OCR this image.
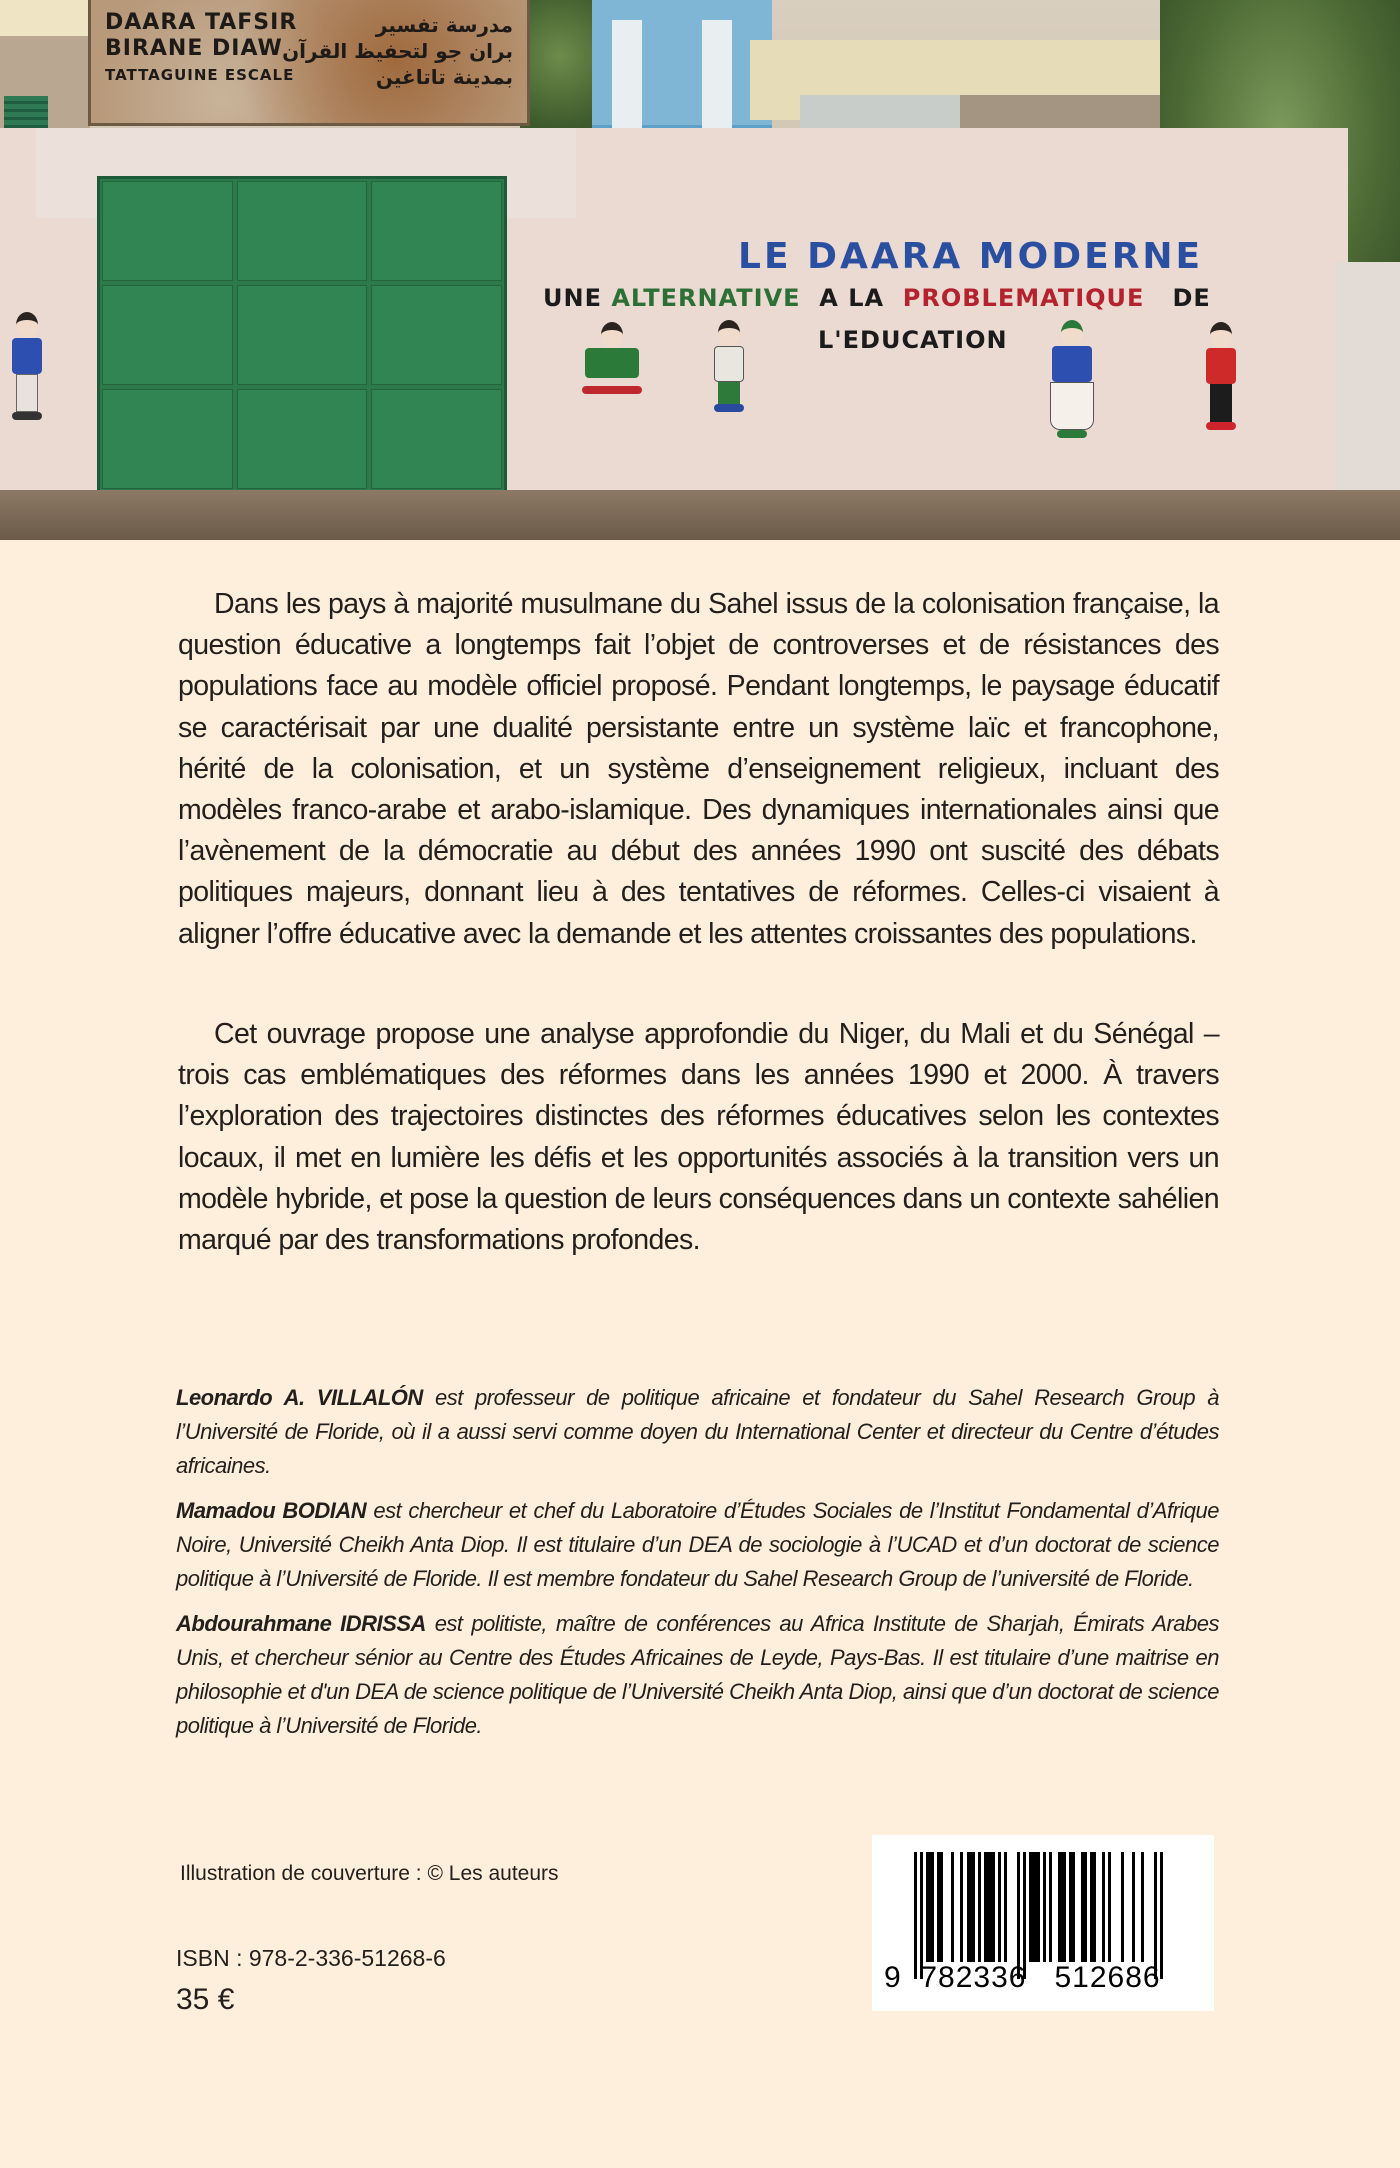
DAARA TAFSIR
BIRANE DIAW
TATTAGUINE ESCALE
مدرسة تفسير
بران جو لتحفيظ القرآن
بمدينة تاتاغين
LE DAARA MODERNE
UNE ALTERNATIVE A LA PROBLEMATIQUE DE
L'EDUCATION

Dans les pays à majorité musulmane du Sahel issus de la colonisation française, la question éducative a longtemps fait l’objet de controverses et de résistances des populations face au modèle officiel proposé. Pendant longtemps, le paysage éducatif se caractérisait par une dualité persistante entre un système laïc et francophone, hérité de la colonisation, et un système d’enseignement religieux, incluant des modèles franco-arabe et arabo-islamique. Des dynamiques internationales ainsi que l’avènement de la démocratie au début des années 1990 ont suscité des débats politiques majeurs, donnant lieu à des tentatives de réformes. Celles-ci visaient à aligner l’offre éducative avec la demande et les attentes croissantes des populations.

Cet ouvrage propose une analyse approfondie du Niger, du Mali et du Sénégal – trois cas emblématiques des réformes dans les années 1990 et 2000. À travers l’exploration des trajectoires distinctes des réformes éducatives selon les contextes locaux, il met en lumière les défis et les opportunités associés à la transition vers un modèle hybride, et pose la question de leurs conséquences dans un contexte sahélien marqué par des transformations profondes.

Leonardo A. VILLALÓN est professeur de politique africaine et fondateur du Sahel Research Group à l’Université de Floride, où il a aussi servi comme doyen du International Center et directeur du Centre d’études africaines.

Mamadou BODIAN est chercheur et chef du Laboratoire d’Études Sociales de l’Institut Fondamental d’Afrique Noire, Université Cheikh Anta Diop. Il est titulaire d’un DEA de sociologie à l’UCAD et d’un doctorat de science politique à l’Université de Floride. Il est membre fondateur du Sahel Research Group de l’université de Floride.

Abdourahmane IDRISSA est politiste, maître de conférences au Africa Institute de Sharjah, Émirats Arabes Unis, et chercheur sénior au Centre des Études Africaines de Leyde, Pays-Bas. Il est titulaire d’une maitrise en philosophie et d'un DEA de science politique de l’Université Cheikh Anta Diop, ainsi que d’un doctorat de science politique à l’Université de Floride.

Illustration de couverture : © Les auteurs
ISBN : 978-2-336-51268-6
35 €
9  782336   512686
